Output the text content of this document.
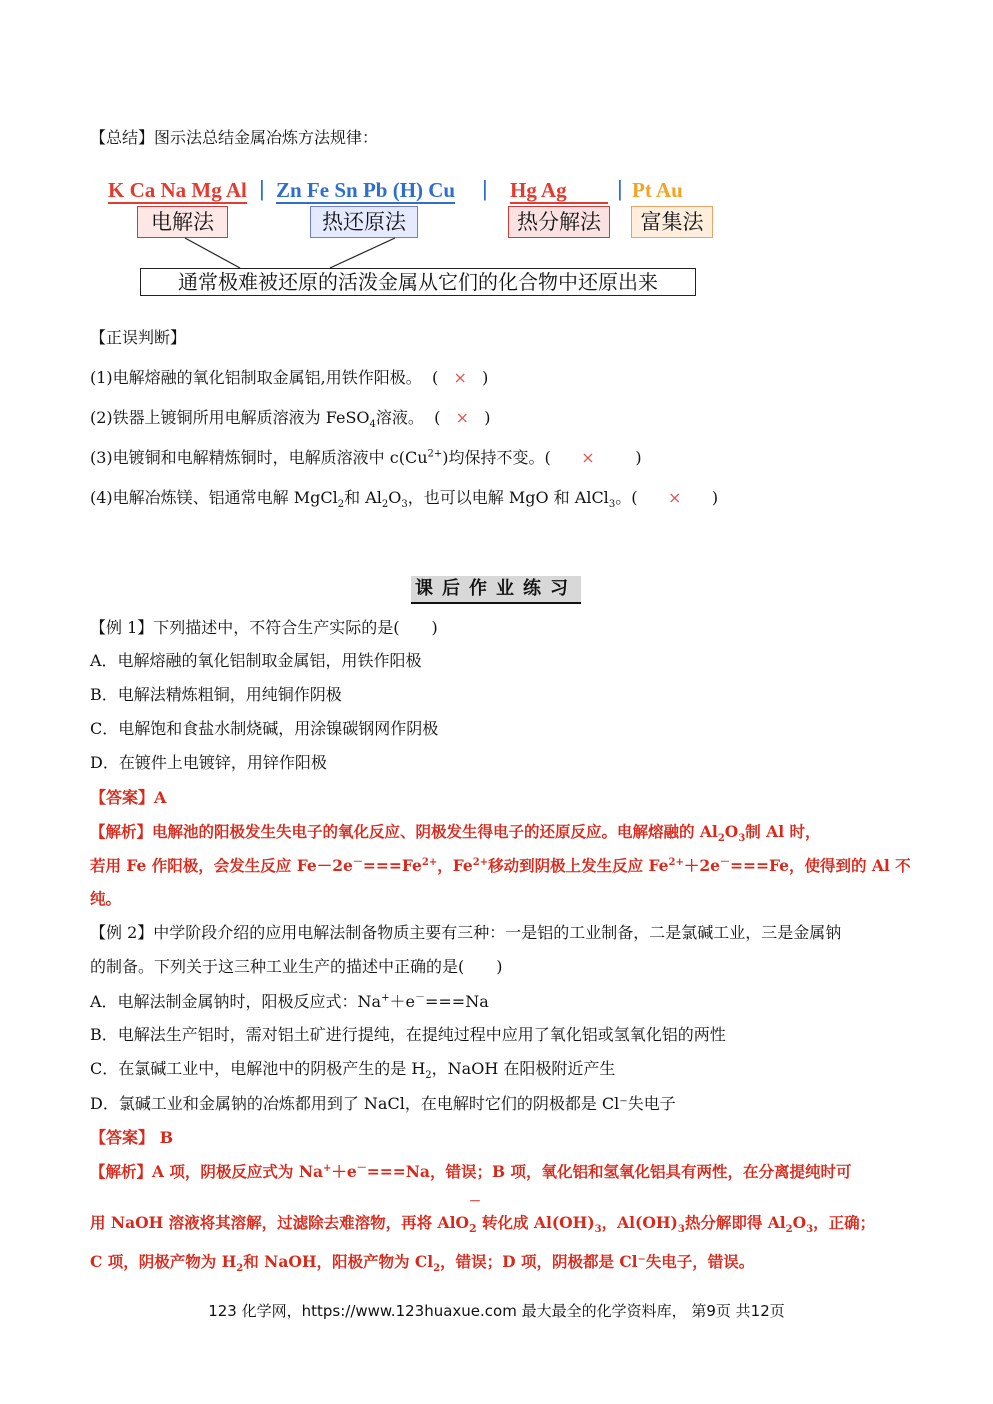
【总结】图示法总结金属冶炼方法规律：
K Ca Na Mg Al | Zn Fe Sn Pb (H) Cu | Hg Ag	| Pt Au
电解法	热还原法	热分解法	富集法
通常极难被还原的活泼金属从它们的化合物中还原出来
【正误判断】
(1)电解熔融的氧化铝制取金属铝,用铁作阳极。 ( × )
(2)铁器上镀铜所用电解质溶液为 FeSO$_4$溶液。 ( × )
(3)电镀铜和电解精炼铜时，电解质溶液中 $c(Cu^{2+})$均保持不变。( ×	)
(4)电解冶炼镁、铝通常电解 MgCl$_2$和 $Al_2O_3$，也可以电解 MgO 和 AlCl$_3$。( × )
课后作业练习
【例 1】下列描述中，不符合生产实际的是(　　)
A．电解熔融的氧化铝制取金属铝，用铁作阳极
B．电解法精炼粗铜，用纯铜作阴极
C．电解饱和食盐水制烧碱，用涂镍碳钢网作阴极
D．在镀件上电镀锌，用锌作阳极
【答案】A
【解析】电解池的阳极发生失电子的氧化反应、阴极发生得电子的还原反应。电解熔融的 $Al_2O_3$制 Al 时，
若用 Fe 作阳极，会发生反应 $Fe-2e^-===Fe^{2+}$，$Fe^{2+}$移动到阴极上发生反应 $Fe^{2+}+2e^-===Fe$，使得到的 Al 不
纯。
【例 2】中学阶段介绍的应用电解法制备物质主要有三种：一是铝的工业制备，二是氯碱工业，三是金属钠
的制备。下列关于这三种工业生产的描述中正确的是(　　)
A．电解法制金属钠时，阳极反应式：Na+＋e－===Na
B．电解法生产铝时，需对铝土矿进行提纯，在提纯过程中应用了氧化铝或氢氧化铝的两性
C．在氯碱工业中，电解池中的阴极产生的是 $H_2$，NaOH 在阳极附近产生
D．氯碱工业和金属钠的冶炼都用到了 NaCl，在电解时它们的阴极都是 Cl⁻失电子
【答案】 B
【解析】A 项，阴极反应式为 Na+＋e－===Na，错误；B 项，氧化铝和氢氧化铝具有两性，在分离提纯时可
用 NaOH 溶液将其溶解，过滤除去难溶物，再将 AlO
－
$_2$ 转化成 $Al(OH)_3$，$Al(OH)_3$热分解即得 $Al_2O_3$，正确；
C 项，阴极产物为 $H_2$和 NaOH，阳极产物为 $Cl_2$，错误；D 项，阴极都是 Cl⁻失电子，错误。
123 化学网，https://www.123huaxue.com 最大最全的化学资料库， 第9页 共12页
